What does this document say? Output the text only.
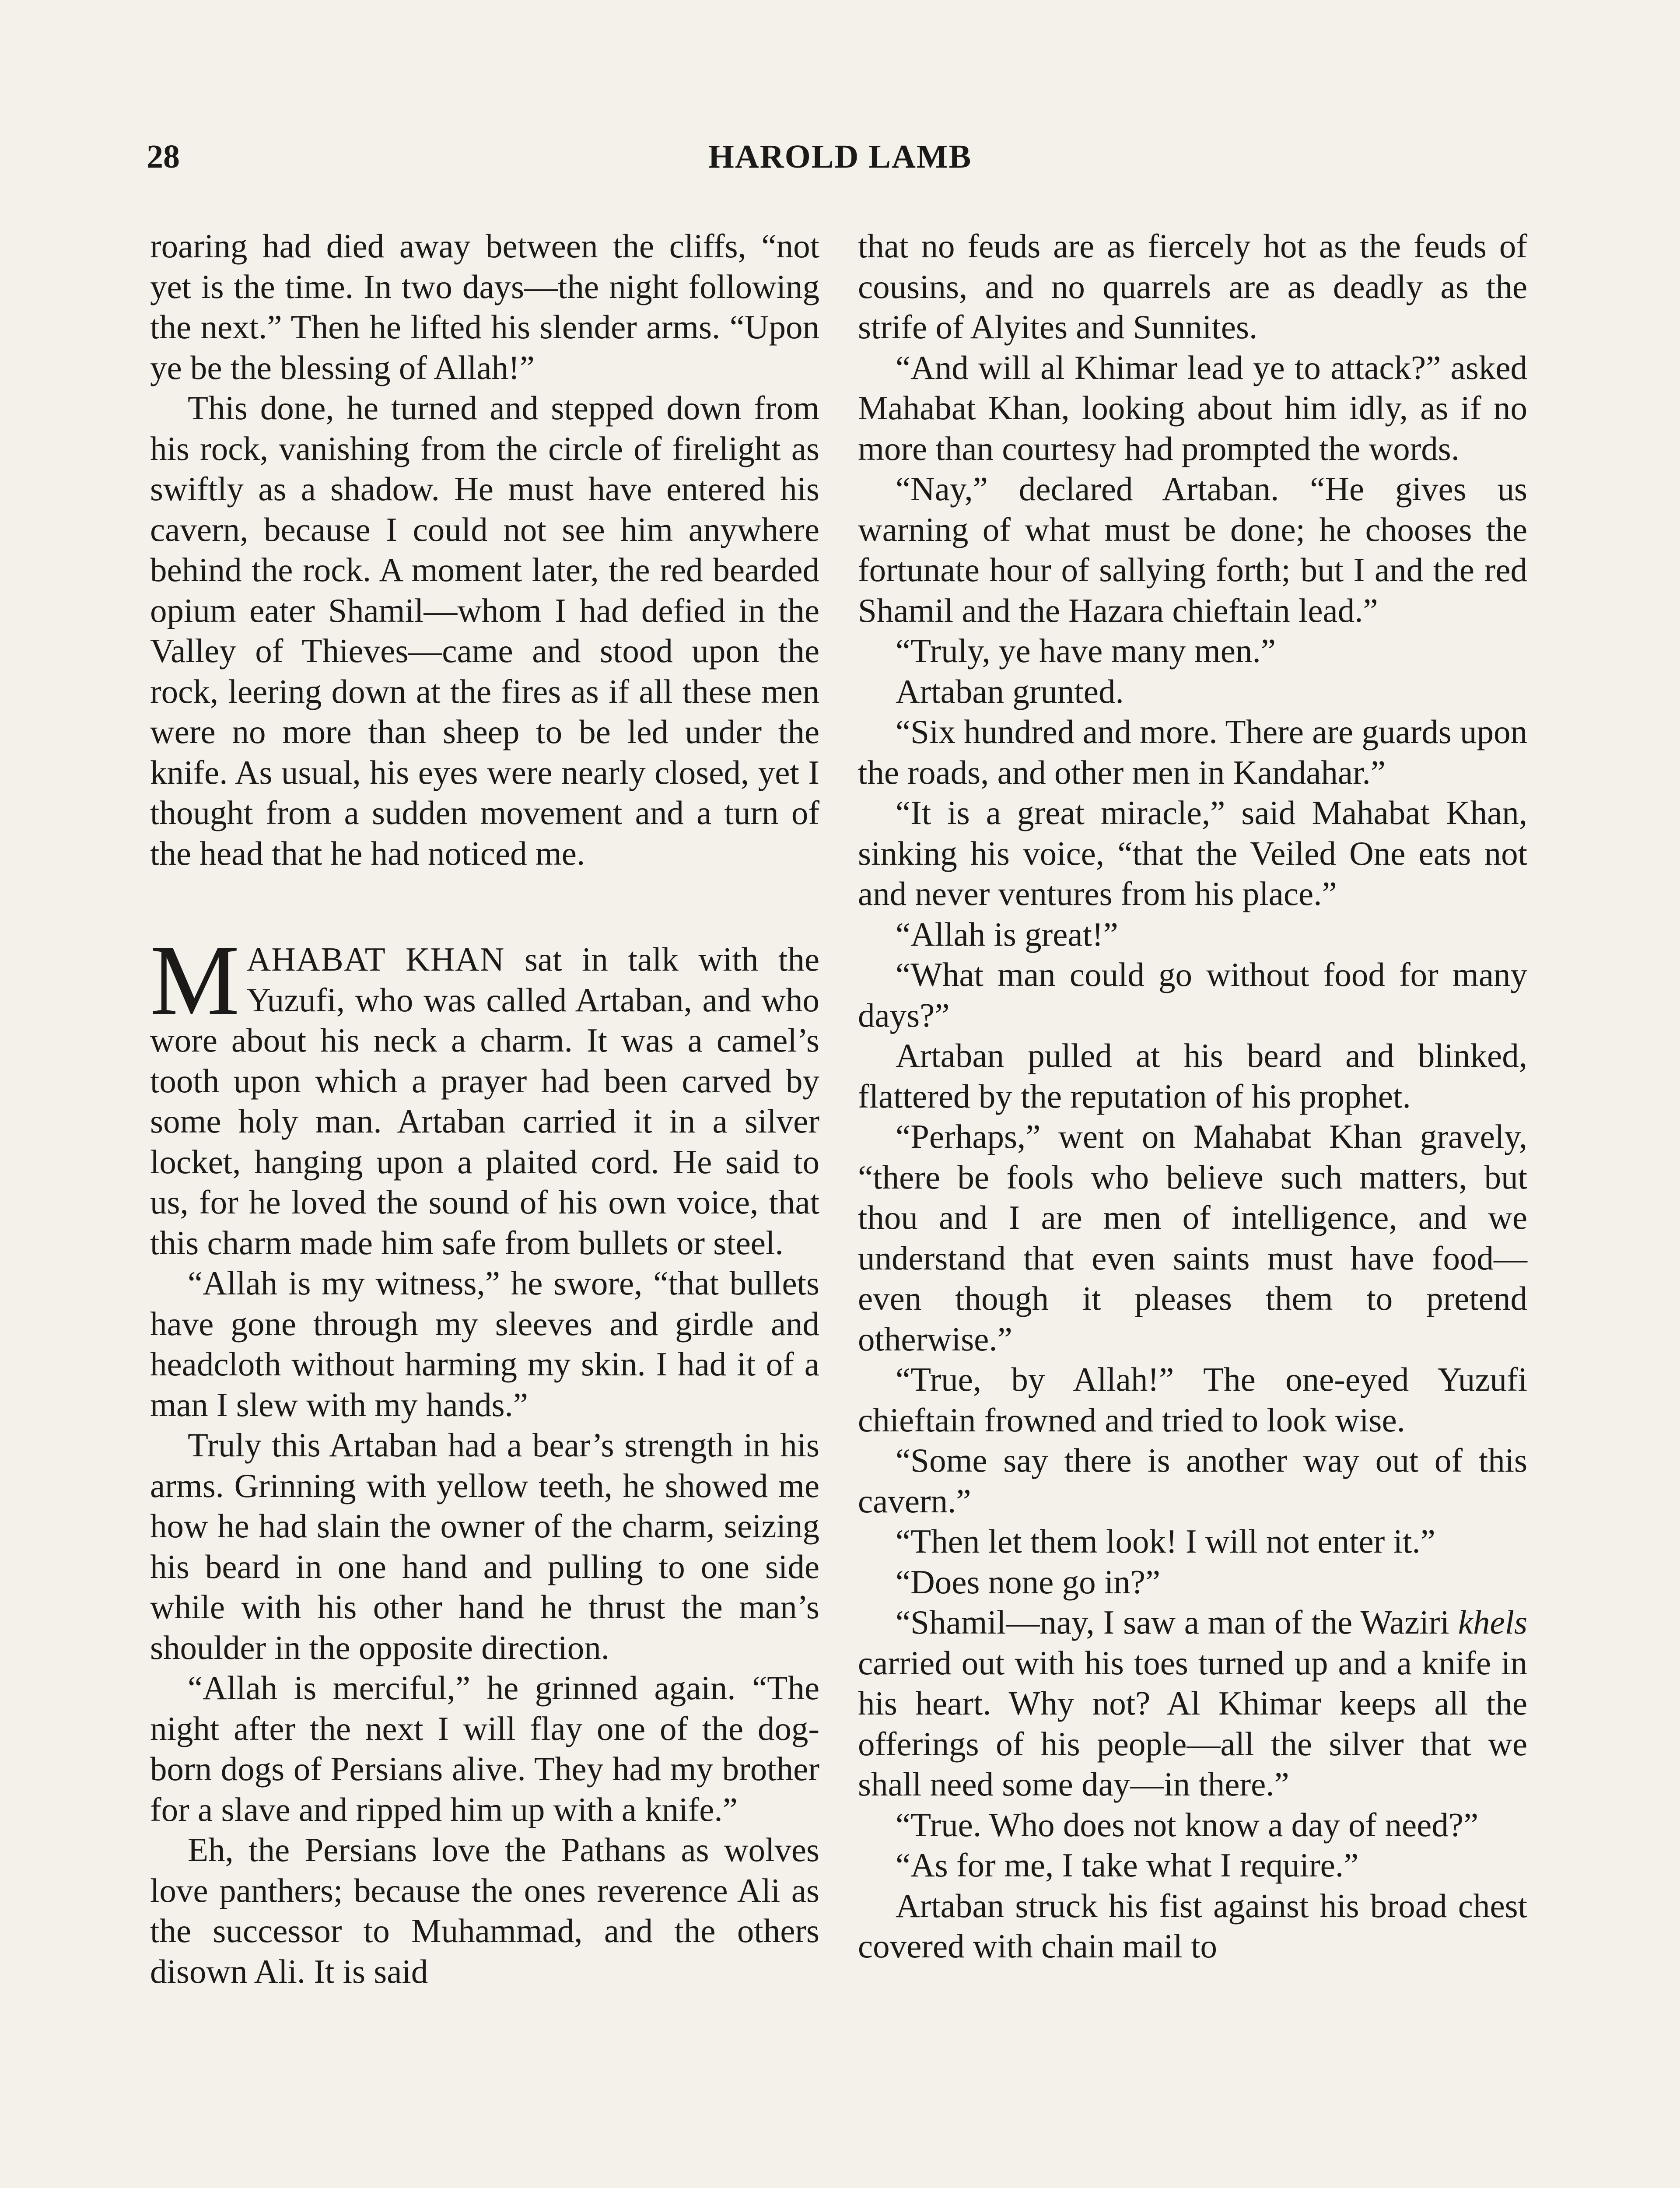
28	HAROLD LAMB

roaring had died away between the cliffs, “not yet is the time. In two days—the night following the next.” Then he lifted his slender arms. “Upon ye be the blessing of Allah!”

This done, he turned and stepped down from his rock, vanishing from the circle of firelight as swiftly as a shadow. He must have entered his cavern, because I could not see him anywhere behind the rock. A moment later, the red bearded opium eater Shamil—whom I had defied in the Valley of Thieves—came and stood upon the rock, leering down at the fires as if all these men were no more than sheep to be led under the knife. As usual, his eyes were nearly closed, yet I thought from a sudden movement and a turn of the head that he had noticed me.

MAHABAT KHAN sat in talk with the Yuzufi, who was called Artaban, and who wore about his neck a charm. It was a camel’s tooth upon which a prayer had been carved by some holy man. Artaban carried it in a silver locket, hanging upon a plaited cord. He said to us, for he loved the sound of his own voice, that this charm made him safe from bullets or steel.

“Allah is my witness,” he swore, “that bullets have gone through my sleeves and girdle and headcloth without harming my skin. I had it of a man I slew with my hands.”

Truly this Artaban had a bear’s strength in his arms. Grinning with yellow teeth, he showed me how he had slain the owner of the charm, seizing his beard in one hand and pulling to one side while with his other hand he thrust the man’s shoulder in the opposite direction.

“Allah is merciful,” he grinned again. “The night after the next I will flay one of the dog-born dogs of Persians alive. They had my brother for a slave and ripped him up with a knife.”

Eh, the Persians love the Pathans as wolves love panthers; because the ones reverence Ali as the successor to Muhammad, and the others disown Ali. It is said

that no feuds are as fiercely hot as the feuds of cousins, and no quarrels are as deadly as the strife of Alyites and Sunnites.

“And will al Khimar lead ye to attack?” asked Mahabat Khan, looking about him idly, as if no more than courtesy had prompted the words.

“Nay,” declared Artaban. “He gives us warning of what must be done; he chooses the fortunate hour of sallying forth; but I and the red Shamil and the Hazara chieftain lead.”

“Truly, ye have many men.”

Artaban grunted.

“Six hundred and more. There are guards upon the roads, and other men in Kandahar.”

“It is a great miracle,” said Mahabat Khan, sinking his voice, “that the Veiled One eats not and never ventures from his place.”

“Allah is great!”

“What man could go without food for many days?”

Artaban pulled at his beard and blinked, flattered by the reputation of his prophet.

“Perhaps,” went on Mahabat Khan gravely, “there be fools who believe such matters, but thou and I are men of intelligence, and we understand that even saints must have food—even though it pleases them to pretend otherwise.”

“True, by Allah!” The one-eyed Yuzufi chieftain frowned and tried to look wise.

“Some say there is another way out of this cavern.”

“Then let them look! I will not enter it.”

“Does none go in?”

“Shamil—nay, I saw a man of the Waziri khels carried out with his toes turned up and a knife in his heart. Why not? Al Khimar keeps all the offerings of his people—all the silver that we shall need some day—in there.”

“True. Who does not know a day of need?”

“As for me, I take what I require.”

Artaban struck his fist against his broad chest covered with chain mail to
